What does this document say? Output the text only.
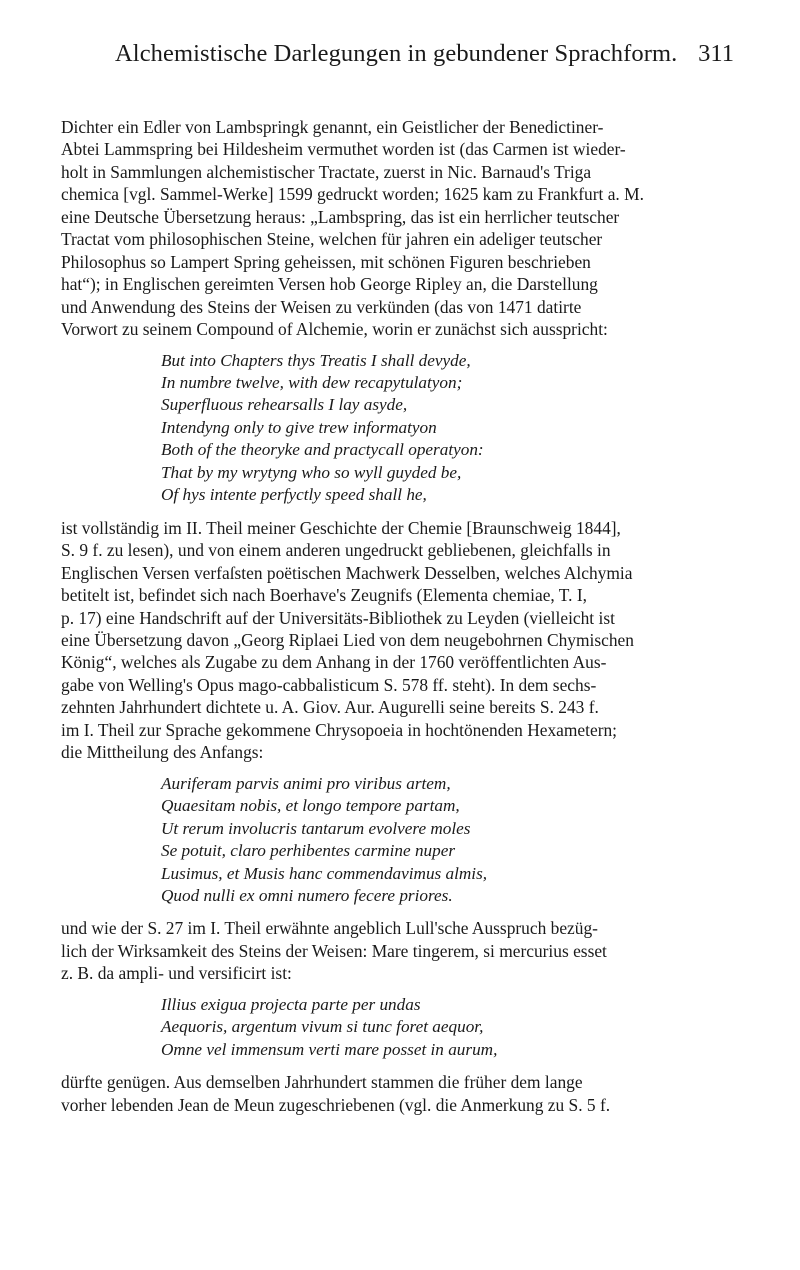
Alchemistische Darlegungen in gebundener Sprachform. 311

Dichter ein Edler von Lambspringk genannt, ein Geistlicher der Benedictiner-
Abtei Lammspring bei Hildesheim vermuthet worden ist (das Carmen ist wieder-
holt in Sammlungen alchemistischer Tractate, zuerst in Nic. Barnaud's Triga
chemica [vgl. Sammel-Werke] 1599 gedruckt worden; 1625 kam zu Frankfurt a. M.
eine Deutsche Übersetzung heraus: „Lambspring, das ist ein herrlicher teutscher
Tractat vom philosophischen Steine, welchen für jahren ein adeliger teutscher
Philosophus so Lampert Spring geheissen, mit schönen Figuren beschrieben
hat“); in Englischen gereimten Versen hob George Ripley an, die Darstellung
und Anwendung des Steins der Weisen zu verkünden (das von 1471 datirte
Vorwort zu seinem Compound of Alchemie, worin er zunächst sich ausspricht:

But into Chapters thys Treatis I shall devyde,
In numbre twelve, with dew recapytulatyon;
Superfluous rehearsalls I lay asyde,
Intendyng only to give trew informatyon
Both of the theoryke and practycall operatyon:
That by my wrytyng who so wyll guyded be,
Of hys intente perfyctly speed shall he,

ist vollständig im II. Theil meiner Geschichte der Chemie [Braunschweig 1844],
S. 9 f. zu lesen), und von einem anderen ungedruckt gebliebenen, gleichfalls in
Englischen Versen verfaſsten poëtischen Machwerk Desselben, welches Alchymia
betitelt ist, befindet sich nach Boerhave's Zeugnifs (Elementa chemiae, T. I,
p. 17) eine Handschrift auf der Universitäts-Bibliothek zu Leyden (vielleicht ist
eine Übersetzung davon „Georg Riplaei Lied von dem neugebohrnen Chymischen
König“, welches als Zugabe zu dem Anhang in der 1760 veröffentlichten Aus-
gabe von Welling's Opus mago-cabbalisticum S. 578 ff. steht). In dem sechs-
zehnten Jahrhundert dichtete u. A. Giov. Aur. Augurelli seine bereits S. 243 f.
im I. Theil zur Sprache gekommene Chrysopoeia in hochtönenden Hexametern;
die Mittheilung des Anfangs:

Auriferam parvis animi pro viribus artem,
Quaesitam nobis, et longo tempore partam,
Ut rerum involucris tantarum evolvere moles
Se potuit, claro perhibentes carmine nuper
Lusimus, et Musis hanc commendavimus almis,
Quod nulli ex omni numero fecere priores.

und wie der S. 27 im I. Theil erwähnte angeblich Lull'sche Ausspruch bezüg-
lich der Wirksamkeit des Steins der Weisen: Mare tingerem, si mercurius esset
z. B. da ampli- und versificirt ist:

Illius exigua projecta parte per undas
Aequoris, argentum vivum si tunc foret aequor,
Omne vel immensum verti mare posset in aurum,

dürfte genügen. Aus demselben Jahrhundert stammen die früher dem lange
vorher lebenden Jean de Meun zugeschriebenen (vgl. die Anmerkung zu S. 5 f.
